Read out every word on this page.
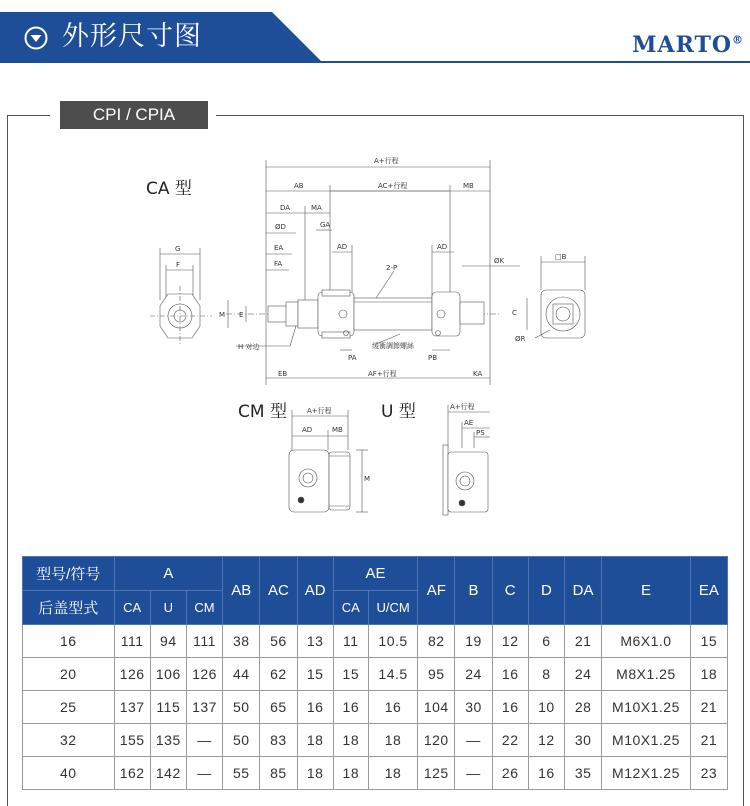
外形尺寸图	MARTO®
CPI / CPIA
CA 型
CM 型	U 型
A+行程
AB	AC+行程	MB
DA	MA
ØD	GA
EA	AD	AD
FA	2-P
ØK	□B
G
F
M E	C
ØR
H 对边	缓衝調節螺絲
PA	PB
EB	AF+行程	KA
A+行程
AD	MB
M
A+行程
AE
PS
型号/符号	A			AB	AC	AD	AE		AF	B	C	D	DA	E	EA
后盖型式	CA	U	CM				CA	U/CM							
16	111	94	111	38	56	13	11	10.5	82	19	12	6	21	M6X1.0	15
20	126	106	126	44	62	15	15	14.5	95	24	16	8	24	M8X1.25	18
25	137	115	137	50	65	16	16	16	104	30	16	10	28	M10X1.25	21
32	155	135	—	50	83	18	18	18	120	—	22	12	30	M10X1.25	21
40	162	142	—	55	85	18	18	18	125	—	26	16	35	M12X1.25	23
